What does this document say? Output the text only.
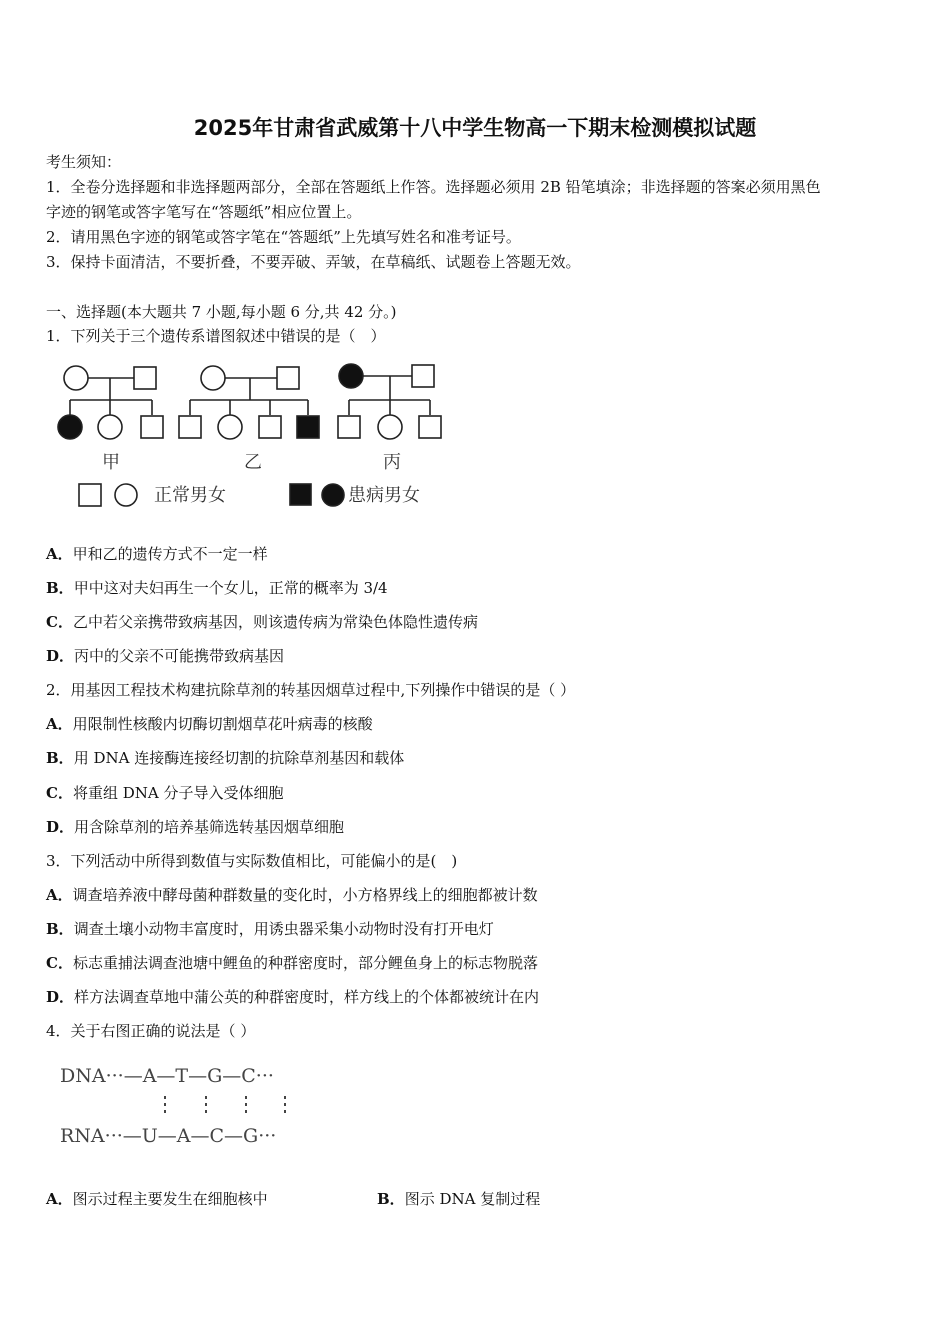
2025年甘肃省武威第十八中学生物高一下期末检测模拟试题
考生须知：
1．全卷分选择题和非选择题两部分，全部在答题纸上作答。选择题必须用 2B 铅笔填涂；非选择题的答案必须用黑色
字迹的钢笔或答字笔写在“答题纸”相应位置上。
2．请用黑色字迹的钢笔或答字笔在“答题纸”上先填写姓名和准考证号。
3．保持卡面清洁，不要折叠，不要弄破、弄皱，在草稿纸、试题卷上答题无效。
一、选择题(本大题共 7 小题,每小题 6 分,共 42 分。)
1．下列关于三个遗传系谱图叙述中错误的是（　）
甲	乙	丙
正常男女	患病男女
A．甲和乙的遗传方式不一定一样
B．甲中这对夫妇再生一个女儿，正常的概率为 3/4
C．乙中若父亲携带致病基因，则该遗传病为常染色体隐性遗传病
D．丙中的父亲不可能携带致病基因
2．用基因工程技术构建抗除草剂的转基因烟草过程中,下列操作中错误的是（ ）
A．用限制性核酸内切酶切割烟草花叶病毒的核酸
B．用 DNA 连接酶连接经切割的抗除草剂基因和载体
C．将重组 DNA 分子导入受体细胞
D．用含除草剂的培养基筛选转基因烟草细胞
3．下列活动中所得到数值与实际数值相比，可能偏小的是(　)
A．调查培养液中酵母菌种群数量的变化时，小方格界线上的细胞都被计数
B．调查土壤小动物丰富度时，用诱虫器采集小动物时没有打开电灯
C．标志重捕法调查池塘中鲤鱼的种群密度时，部分鲤鱼身上的标志物脱落
D．样方法调查草地中蒲公英的种群密度时，样方线上的个体都被统计在内
4．关于右图正确的说法是（ ）
DNA···—A—T—G—C···
RNA···—U—A—C—G···
A．图示过程主要发生在细胞核中	B．图示 DNA 复制过程
